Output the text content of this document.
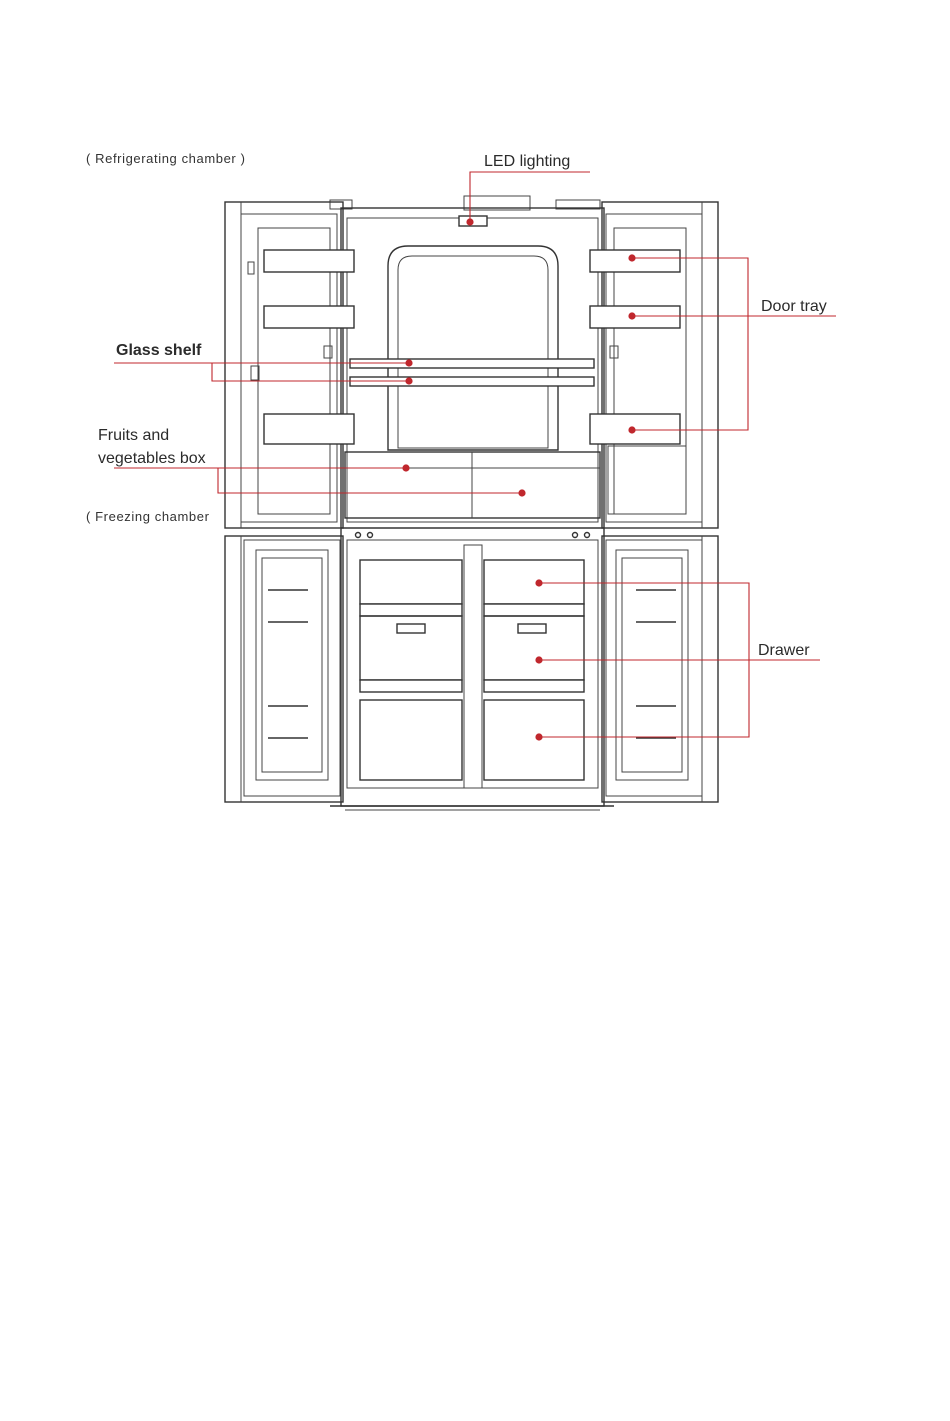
( Refrigerating chamber )
( Freezing chamber
LED lighting
Door tray
Glass shelf
Fruits and
vegetables box
Drawer
